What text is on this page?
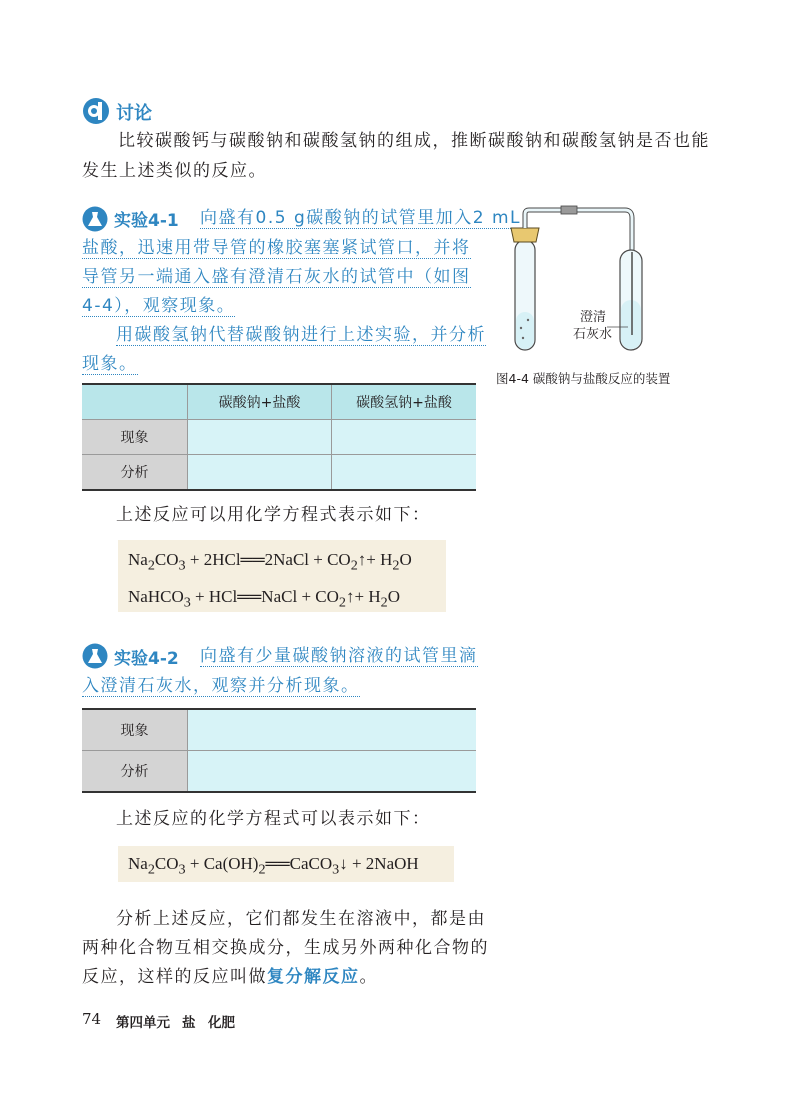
讨论
比较碳酸钙与碳酸钠和碳酸氢钠的组成，推断碳酸钠和碳酸氢钠是否也能
发生上述类似的反应。
实验4-1 向盛有0.5 g碳酸钠的试管里加入2 mL
盐酸，迅速用带导管的橡胶塞塞紧试管口，并将
导管另一端通入盛有澄清石灰水的试管中（如图
4-4），观察现象。
用碳酸氢钠代替碳酸钠进行上述实验，并分析
现象。
澄清
石灰水
图4-4 碳酸钠与盐酸反应的装置
	碳酸钠+盐酸	碳酸氢钠+盐酸
现象		
分析		
上述反应可以用化学方程式表示如下：
$Na_2CO_3$ + 2HCl══2NaCl + $CO_2↑+ H_2O$
NaHCO$_3$ + HCl══NaCl + $CO_2↑+ H_2O$
实验4-2 向盛有少量碳酸钠溶液的试管里滴
入澄清石灰水，观察并分析现象。
现象	
分析	
上述反应的化学方程式可以表示如下：
$Na_2CO_3$ + $Ca(OH)_2══CaCO_3↓$ + 2NaOH
分析上述反应，它们都发生在溶液中，都是由
两种化合物互相交换成分，生成另外两种化合物的
反应，这样的反应叫做复分解反应。
74 第四单元 盐 化肥
